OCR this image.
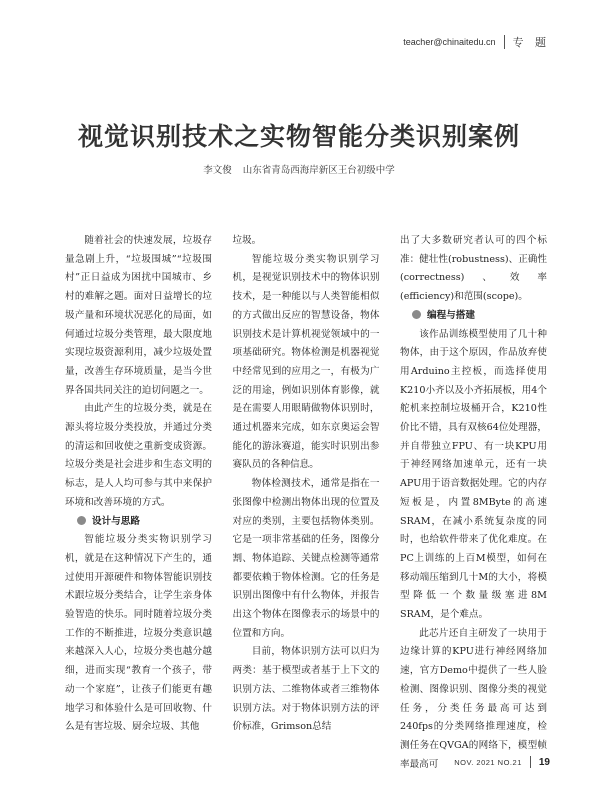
teacher@chinaitedu.cn 专 题
视觉识别技术之实物智能分类识别案例
李文俊 山东省青岛西海岸新区王台初级中学

随着社会的快速发展，垃圾存量急剧上升，“垃圾围城”“垃圾围村”正日益成为困扰中国城市、乡村的难解之题。面对日益增长的垃圾产量和环境状况恶化的局面，如何通过垃圾分类管理，最大限度地实现垃圾资源利用，减少垃圾处置量，改善生存环境质量，是当今世界各国共同关注的迫切问题之一。

由此产生的垃圾分类，就是在源头将垃圾分类投放，并通过分类的清运和回收使之重新变成资源。垃圾分类是社会进步和生态文明的标志，是人人均可参与其中来保护环境和改善环境的方式。

设计与思路

智能垃圾分类实物识别学习机，就是在这种情况下产生的，通过使用开源硬件和物体智能识别技术跟垃圾分类结合，让学生亲身体验智造的快乐。同时随着垃圾分类工作的不断推进，垃圾分类意识越来越深入人心，垃圾分类也越分越细，进而实现“教育一个孩子，带动一个家庭”，让孩子们能更有趣地学习和体验什么是可回收物、什么是有害垃圾、厨余垃圾、其他

垃圾。

智能垃圾分类实物识别学习机，是视觉识别技术中的物体识别技术，是一种能以与人类智能相似的方式做出反应的智慧设备，物体识别技术是计算机视觉领域中的一项基础研究。物体检测是机器视觉中经常见到的应用之一，有极为广泛的用途，例如识别体育影像，就是在需要人用眼睛做物体识别时，通过机器来完成，如东京奥运会智能化的游泳赛道，能实时识别出参赛队员的各种信息。

物体检测技术，通常是指在一张图像中检测出物体出现的位置及对应的类别，主要包括物体类别。它是一项非常基础的任务，图像分割、物体追踪、关键点检测等通常都要依赖于物体检测。它的任务是识别出图像中有什么物体，并报告出这个物体在图像表示的场景中的位置和方向。

目前，物体识别方法可以归为两类：基于模型或者基于上下文的识别方法、二维物体或者三维物体识别方法。对于物体识别方法的评价标准，Grimson总结

出了大多数研究者认可的四个标准：健壮性(robustness)、正确性(correctness)、效率(efficiency)和范围(scope)。

编程与搭建

该作品训练模型使用了几十种物体，由于这个原因，作品放弃使用Arduino主控板，而选择使用K210小齐以及小齐拓展板，用4个舵机来控制垃圾桶开合，K210性价比不错，具有双核64位处理器，并自带独立FPU、有一块KPU用于神经网络加速单元，还有一块APU用于语音数据处理。它的内存短板是，内置8MByte的高速SRAM，在减小系统复杂度的同时，也给软件带来了优化难度。在PC上训练的上百M模型，如何在移动端压缩到几十M的大小，将模型降低一个数量级塞进8M SRAM，是个难点。

此芯片还自主研发了一块用于边缘计算的KPU进行神经网络加速，官方Demo中提供了一些人脸检测、图像识别、图像分类的视觉任务，分类任务最高可达到240fps的分类网络推理速度，检测任务在QVGA的网络下，模型帧率最高可	NOV. 2021 NO.21 19
